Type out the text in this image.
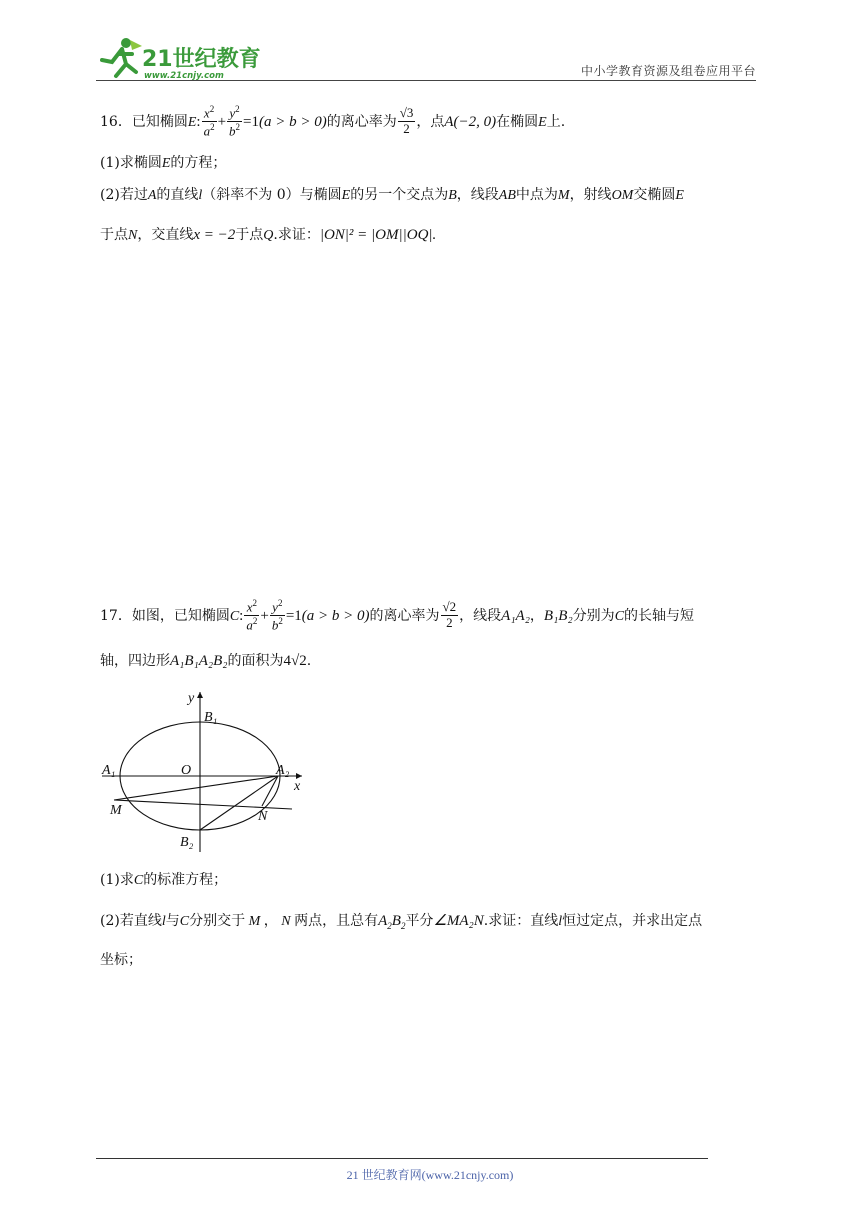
21世纪教育
www.21cnjy.com	中小学教育资源及组卷应用平台
16．已知椭圆E: $\frac{x^2}{a^2} + \frac{y^2}{b^2} =1(a > b > 0)$的离心率为 $\frac{√3}{2}$ ，点A(−2, 0)在椭圆E上.
(1)求椭圆E的方程；
(2)若过A的直线l（斜率不为 0）与椭圆E的另一个交点为B，线段AB中点为M，射线OM交椭圆E
于点N，交直线x = −2于点Q.求证：|ON|² = |OM||OQ|.
17．如图，已知椭圆C: $\frac{x^2}{a^2} + \frac{y^2}{b^2} =1(a > b > 0)$的离心率为 $\frac{√2}{2}$ ，线段A₁A₂，B₁B₂分别为C的长轴与短
轴，四边形A₁B₁A₂B₂的面积为4√2.
y
B₁
A₁	O	A₂
x
M	N
B₂
(1)求C的标准方程；
(2)若直线l与C分别交于 M ， N 两点，且总有$A_2B_2$平分∠MA₂N.求证：直线l恒过定点，并求出定点
坐标；
21 世纪教育网(www.21cnjy.com)
